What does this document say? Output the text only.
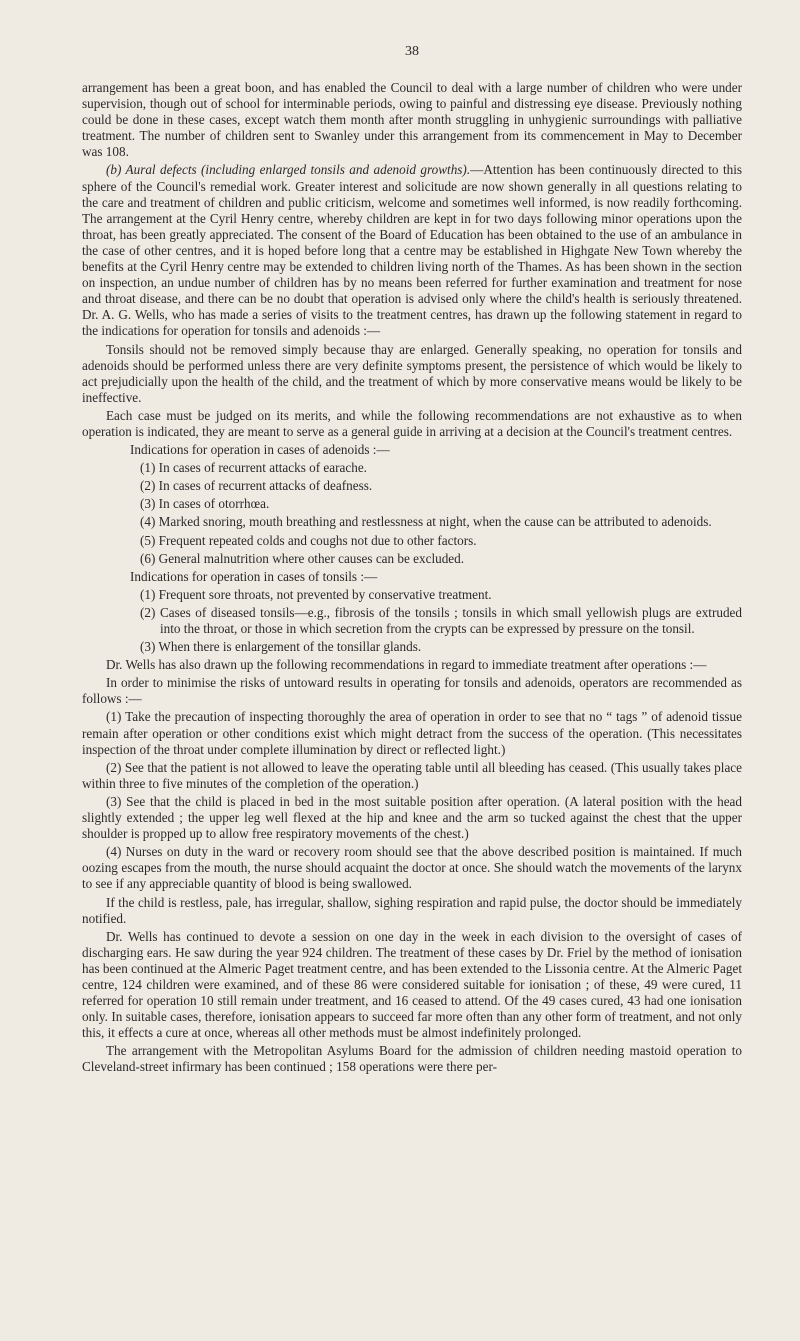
38

arrangement has been a great boon, and has enabled the Council to deal with a large number of children who were under supervision, though out of school for interminable periods, owing to painful and distressing eye disease. Previously nothing could be done in these cases, except watch them month after month struggling in unhygienic surroundings with palliative treatment. The number of children sent to Swanley under this arrangement from its commencement in May to December was 108.

(b) Aural defects (including enlarged tonsils and adenoid growths).—Attention has been continuously directed to this sphere of the Council's remedial work. Greater interest and solicitude are now shown generally in all questions relating to the care and treatment of children and public criticism, welcome and sometimes well informed, is now readily forthcoming. The arrangement at the Cyril Henry centre, whereby children are kept in for two days following minor operations upon the throat, has been greatly appreciated. The consent of the Board of Education has been obtained to the use of an ambulance in the case of other centres, and it is hoped before long that a centre may be established in Highgate New Town whereby the benefits at the Cyril Henry centre may be extended to children living north of the Thames. As has been shown in the section on inspection, an undue number of children has by no means been referred for further examination and treatment for nose and throat disease, and there can be no doubt that operation is advised only where the child's health is seriously threatened. Dr. A. G. Wells, who has made a series of visits to the treatment centres, has drawn up the following statement in regard to the indications for operation for tonsils and adenoids :—

Tonsils should not be removed simply because thay are enlarged. Generally speaking, no operation for tonsils and adenoids should be performed unless there are very definite symptoms present, the persistence of which would be likely to act prejudicially upon the health of the child, and the treatment of which by more conservative means would be likely to be ineffective.

Each case must be judged on its merits, and while the following recommendations are not exhaustive as to when operation is indicated, they are meant to serve as a general guide in arriving at a decision at the Council's treatment centres.

Indications for operation in cases of adenoids :—

(1) In cases of recurrent attacks of earache.
(2) In cases of recurrent attacks of deafness.
(3) In cases of otorrhœa.
(4) Marked snoring, mouth breathing and restlessness at night, when the cause can be attributed to adenoids.
(5) Frequent repeated colds and coughs not due to other factors.
(6) General malnutrition where other causes can be excluded.

Indications for operation in cases of tonsils :—

(1) Frequent sore throats, not prevented by conservative treatment.
(2) Cases of diseased tonsils—e.g., fibrosis of the tonsils ; tonsils in which small yellowish plugs are extruded into the throat, or those in which secretion from the crypts can be expressed by pressure on the tonsil.
(3) When there is enlargement of the tonsillar glands.

Dr. Wells has also drawn up the following recommendations in regard to immediate treatment after operations :—

In order to minimise the risks of untoward results in operating for tonsils and adenoids, operators are recommended as follows :—

(1) Take the precaution of inspecting thoroughly the area of operation in order to see that no “ tags ” of adenoid tissue remain after operation or other conditions exist which might detract from the success of the operation. (This necessitates inspection of the throat under complete illumination by direct or reflected light.)
(2) See that the patient is not allowed to leave the operating table until all bleeding has ceased. (This usually takes place within three to five minutes of the completion of the operation.)
(3) See that the child is placed in bed in the most suitable position after operation. (A lateral position with the head slightly extended ; the upper leg well flexed at the hip and knee and the arm so tucked against the chest that the upper shoulder is propped up to allow free respiratory movements of the chest.)
(4) Nurses on duty in the ward or recovery room should see that the above described position is maintained. If much oozing escapes from the mouth, the nurse should acquaint the doctor at once. She should watch the movements of the larynx to see if any appreciable quantity of blood is being swallowed.
If the child is restless, pale, has irregular, shallow, sighing respiration and rapid pulse, the doctor should be immediately notified.

Dr. Wells has continued to devote a session on one day in the week in each division to the oversight of cases of discharging ears. He saw during the year 924 children. The treatment of these cases by Dr. Friel by the method of ionisation has been continued at the Almeric Paget treatment centre, and has been extended to the Lissonia centre. At the Almeric Paget centre, 124 children were examined, and of these 86 were considered suitable for ionisation ; of these, 49 were cured, 11 referred for operation 10 still remain under treatment, and 16 ceased to attend. Of the 49 cases cured, 43 had one ionisation only. In suitable cases, therefore, ionisation appears to succeed far more often than any other form of treatment, and not only this, it effects a cure at once, whereas all other methods must be almost indefinitely prolonged.

The arrangement with the Metropolitan Asylums Board for the admission of children needing mastoid operation to Cleveland-street infirmary has been continued ; 158 operations were there per-
